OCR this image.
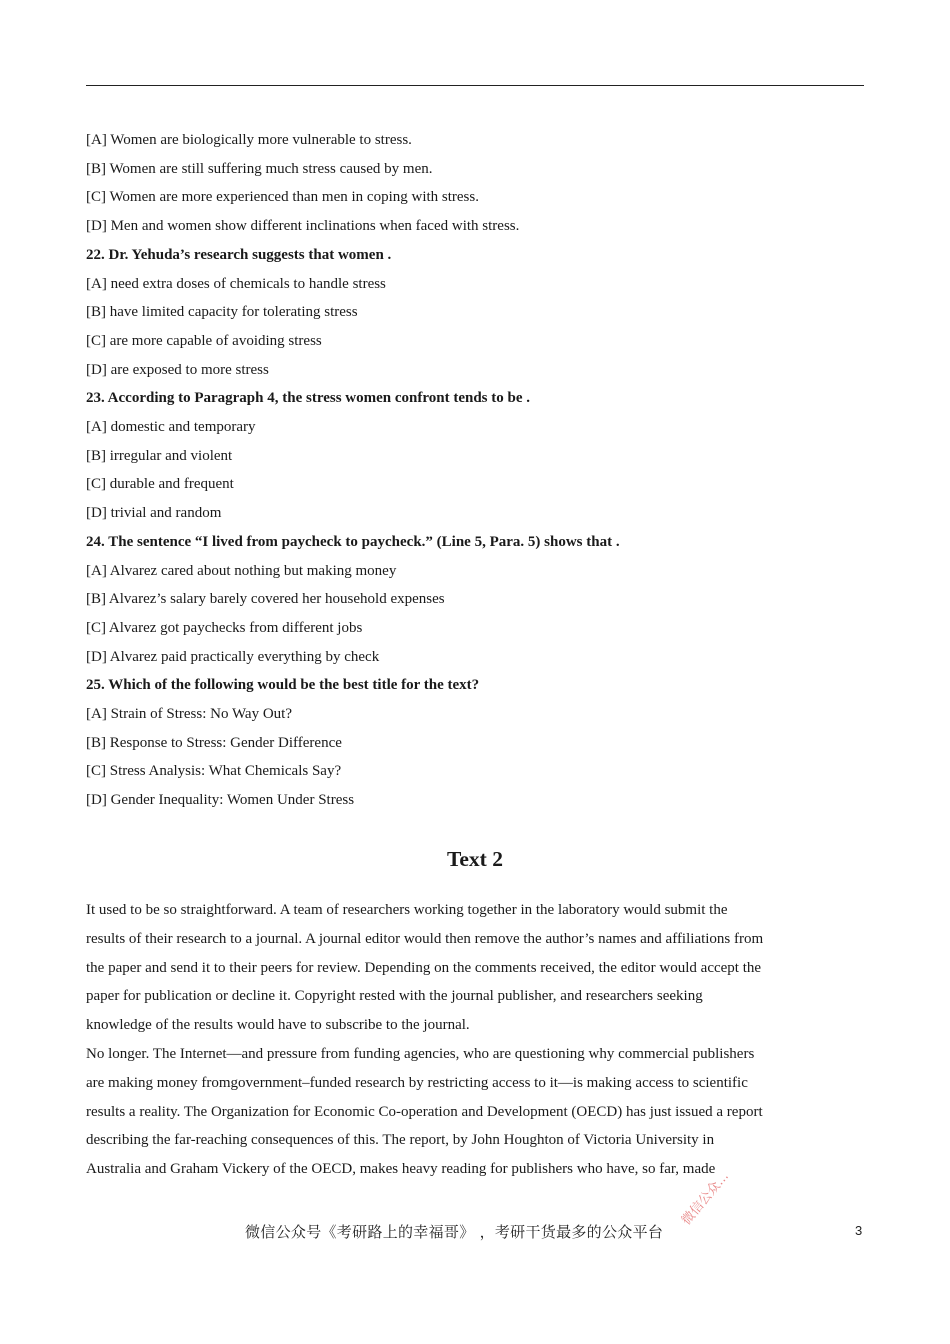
[A] Women are biologically more vulnerable to stress.

[B] Women are still suffering much stress caused by men.

[C] Women are more experienced than men in coping with stress.

[D] Men and women show different inclinations when faced with stress.

22. Dr. Yehuda’s research suggests that women .

[A] need extra doses of chemicals to handle stress

[B] have limited capacity for tolerating stress

[C] are more capable of avoiding stress

[D] are exposed to more stress

23. According to Paragraph 4, the stress women confront tends to be .

[A] domestic and temporary

[B] irregular and violent

[C] durable and frequent

[D] trivial and random

24. The sentence “I lived from paycheck to paycheck.” (Line 5, Para. 5) shows that .

[A] Alvarez cared about nothing but making money

[B] Alvarez’s salary barely covered her household expenses

[C] Alvarez got paychecks from different jobs

[D] Alvarez paid practically everything by check

25. Which of the following would be the best title for the text?

[A] Strain of Stress: No Way Out?

[B] Response to Stress: Gender Difference

[C] Stress Analysis: What Chemicals Say?

[D] Gender Inequality: Women Under Stress

Text 2

It used to be so straightforward. A team of researchers working together in the laboratory would submit the

results of their research to a journal. A journal editor would then remove the author’s names and affiliations from

the paper and send it to their peers for review. Depending on the comments received, the editor would accept the

paper for publication or decline it. Copyright rested with the journal publisher, and researchers seeking

knowledge of the results would have to subscribe to the journal.

No longer. The Internet—and pressure from funding agencies, who are questioning why commercial publishers

are making money fromgovernment–funded research by restricting access to it—is making access to scientific

results a reality. The Organization for Economic Co-operation and Development (OECD) has just issued a report

describing the far-reaching consequences of this. The report, by John Houghton of Victoria University in

Australia and Graham Vickery of the OECD, makes heavy reading for publishers who have, so far, made

微信公众...
微信公众号《考研路上的幸福哥》 ，考研干货最多的公众平台	3
